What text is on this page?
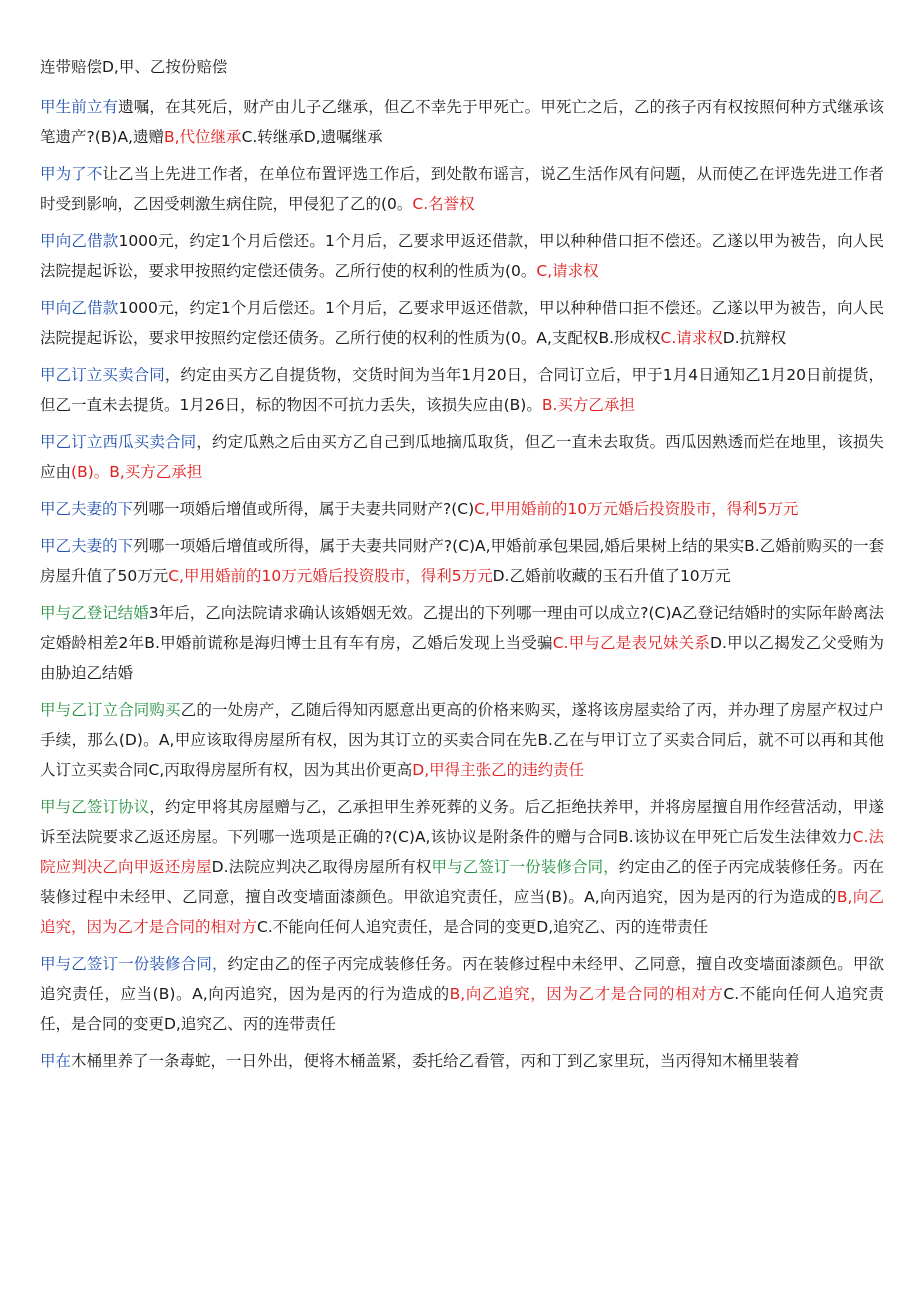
连带赔偿D,甲、乙按份赔偿

甲生前立有遗嘱，在其死后，财产由儿子乙继承，但乙不幸先于甲死亡。甲死亡之后，乙的孩子丙有权按照何种方式继承该笔遗产?(B)A,遗赠B,代位继承C.转继承D,遗嘱继承

甲为了不让乙当上先进工作者，在单位布置评选工作后，到处散布谣言，说乙生活作风有问题，从而使乙在评选先进工作者时受到影响，乙因受刺激生病住院，甲侵犯了乙的(0。C.名誉权

甲向乙借款1000元，约定1个月后偿还。1个月后，乙要求甲返还借款，甲以种种借口拒不偿还。乙遂以甲为被告，向人民法院提起诉讼，要求甲按照约定偿还债务。乙所行使的权利的性质为(0。C,请求权

甲向乙借款1000元，约定1个月后偿还。1个月后，乙要求甲返还借款，甲以种种借口拒不偿还。乙遂以甲为被告，向人民法院提起诉讼，要求甲按照约定偿还债务。乙所行使的权利的性质为(0。A,支配权B.形成权C.请求权D.抗辩权

甲乙订立买卖合同，约定由买方乙自提货物，交货时间为当年1月20日，合同订立后，甲于1月4日通知乙1月20日前提货，但乙一直未去提货。1月26日，标的物因不可抗力丢失，该损失应由(B)。B.买方乙承担

甲乙订立西瓜买卖合同，约定瓜熟之后由买方乙自己到瓜地摘瓜取货，但乙一直未去取货。西瓜因熟透而烂在地里，该损失应由(B)。B,买方乙承担

甲乙夫妻的下列哪一项婚后增值或所得，属于夫妻共同财产?(C)C,甲用婚前的10万元婚后投资股市，得利5万元

甲乙夫妻的下列哪一项婚后增值或所得，属于夫妻共同财产?(C)A,甲婚前承包果园,婚后果树上结的果实B.乙婚前购买的一套房屋升值了50万元C,甲用婚前的10万元婚后投资股市，得利5万元D.乙婚前收藏的玉石升值了10万元

甲与乙登记结婚3年后，乙向法院请求确认该婚姻无效。乙提出的下列哪一理由可以成立?(C)A乙登记结婚时的实际年龄离法定婚龄相差2年B.甲婚前谎称是海归博士且有车有房，乙婚后发现上当受骗C.甲与乙是表兄妹关系D.甲以乙揭发乙父受贿为由胁迫乙结婚

甲与乙订立合同购买乙的一处房产，乙随后得知丙愿意出更高的价格来购买，遂将该房屋卖给了丙，并办理了房屋产权过户手续，那么(D)。A,甲应该取得房屋所有权，因为其订立的买卖合同在先B.乙在与甲订立了买卖合同后，就不可以再和其他人订立买卖合同C,丙取得房屋所有权，因为其出价更高D,甲得主张乙的违约责任

甲与乙签订协议，约定甲将其房屋赠与乙，乙承担甲生养死葬的义务。后乙拒绝扶养甲，并将房屋擅自用作经营活动，甲遂诉至法院要求乙返还房屋。下列哪一选项是正确的?(C)A,该协议是附条件的赠与合同B.该协议在甲死亡后发生法律效力C.法院应判决乙向甲返还房屋D.法院应判决乙取得房屋所有权甲与乙签订一份装修合同，约定由乙的侄子丙完成装修任务。丙在装修过程中未经甲、乙同意，擅自改变墙面漆颜色。甲欲追究责任，应当(B)。A,向丙追究，因为是丙的行为造成的B,向乙追究，因为乙才是合同的相对方C.不能向任何人追究责任，是合同的变更D,追究乙、丙的连带责任

甲与乙签订一份装修合同，约定由乙的侄子丙完成装修任务。丙在装修过程中未经甲、乙同意，擅自改变墙面漆颜色。甲欲追究责任，应当(B)。A,向丙追究，因为是丙的行为造成的B,向乙追究，因为乙才是合同的相对方C.不能向任何人追究责任，是合同的变更D,追究乙、丙的连带责任

甲在木桶里养了一条毒蛇，一日外出，便将木桶盖紧，委托给乙看管，丙和丁到乙家里玩，当丙得知木桶里装着
